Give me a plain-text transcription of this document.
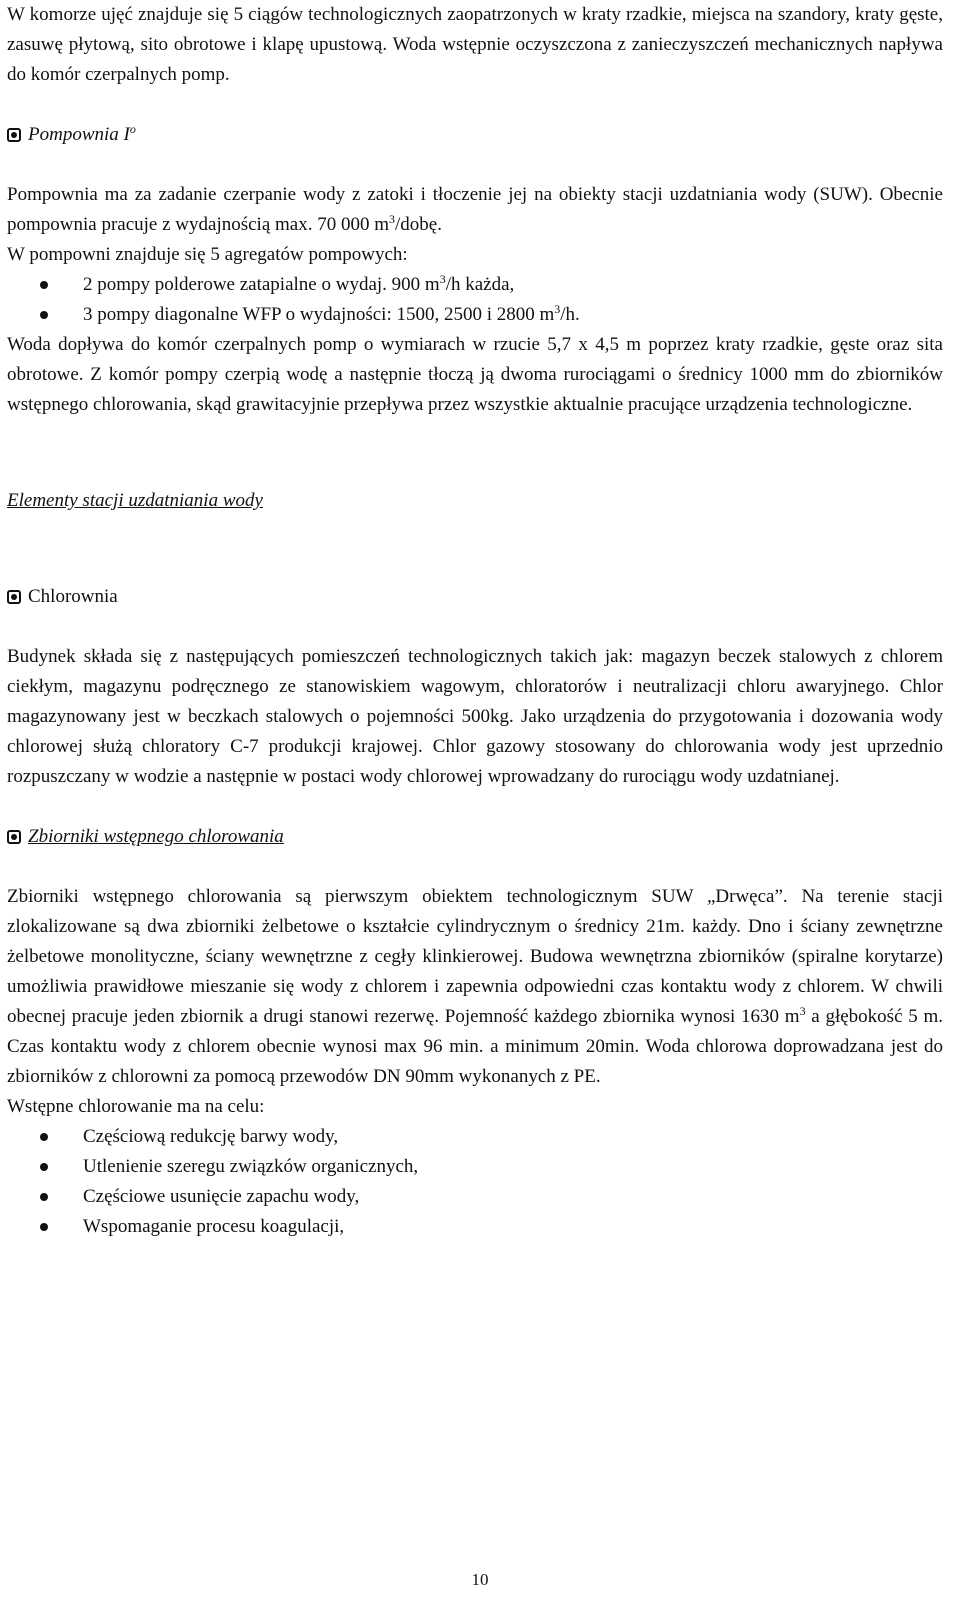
W komorze ujęć znajduje się 5 ciągów technologicznych zaopatrzonych w kraty rzadkie, miejsca na szandory, kraty gęste, zasuwę płytową, sito obrotowe i klapę upustową. Woda wstępnie oczyszczona z zanieczyszczeń mechanicznych napływa do komór czerpalnych pomp.

Pompownia $I^o$

Pompownia ma za zadanie czerpanie wody z zatoki i tłoczenie jej na obiekty stacji uzdatniania wody (SUW). Obecnie pompownia pracuje z wydajnością max. 70 000 $m^3$/dobę.

W pompowni znajduje się 5 agregatów pompowych:

2 pompy polderowe zatapialne o wydaj. 900 $m^3/h$ każda,
3 pompy diagonalne WFP o wydajności: 1500, 2500 i 2800 $m^3/h$.

Woda dopływa do komór czerpalnych pomp o wymiarach w rzucie 5,7 x 4,5 m poprzez kraty rzadkie, gęste oraz sita obrotowe. Z komór pompy czerpią wodę a następnie tłoczą ją dwoma rurociągami o średnicy 1000 mm do zbiorników wstępnego chlorowania, skąd grawitacyjnie przepływa przez wszystkie aktualnie pracujące urządzenia technologiczne.

Elementy stacji uzdatniania wody

Chlorownia

Budynek składa się z następujących pomieszczeń technologicznych takich jak: magazyn beczek stalowych z chlorem ciekłym, magazynu podręcznego ze stanowiskiem wagowym, chloratorów i neutralizacji chloru awaryjnego. Chlor magazynowany jest w beczkach stalowych o pojemności 500kg. Jako urządzenia do przygotowania i dozowania wody chlorowej służą chloratory C-7 produkcji krajowej. Chlor gazowy stosowany do chlorowania wody jest uprzednio rozpuszczany w wodzie a następnie w postaci wody chlorowej wprowadzany do rurociągu wody uzdatnianej.

Zbiorniki wstępnego chlorowania

Zbiorniki wstępnego chlorowania są pierwszym obiektem technologicznym SUW „Drwęca”. Na terenie stacji zlokalizowane są dwa zbiorniki żelbetowe o kształcie cylindrycznym o średnicy 21m. każdy. Dno i ściany zewnętrzne żelbetowe monolityczne, ściany wewnętrzne z cegły klinkierowej. Budowa wewnętrzna zbiorników (spiralne korytarze) umożliwia prawidłowe mieszanie się wody z chlorem i zapewnia odpowiedni czas kontaktu wody z chlorem. W chwili obecnej pracuje jeden zbiornik a drugi stanowi rezerwę. Pojemność każdego zbiornika wynosi 1630 $m^3$ a głębokość 5 m. Czas kontaktu wody z chlorem obecnie wynosi max 96 min. a minimum 20min. Woda chlorowa doprowadzana jest do zbiorników z chlorowni za pomocą przewodów DN 90mm wykonanych z PE.

Wstępne chlorowanie ma na celu:

Częściową redukcję barwy wody,
Utlenienie szeregu związków organicznych,
Częściowe usunięcie zapachu wody,
Wspomaganie procesu koagulacji,
10
